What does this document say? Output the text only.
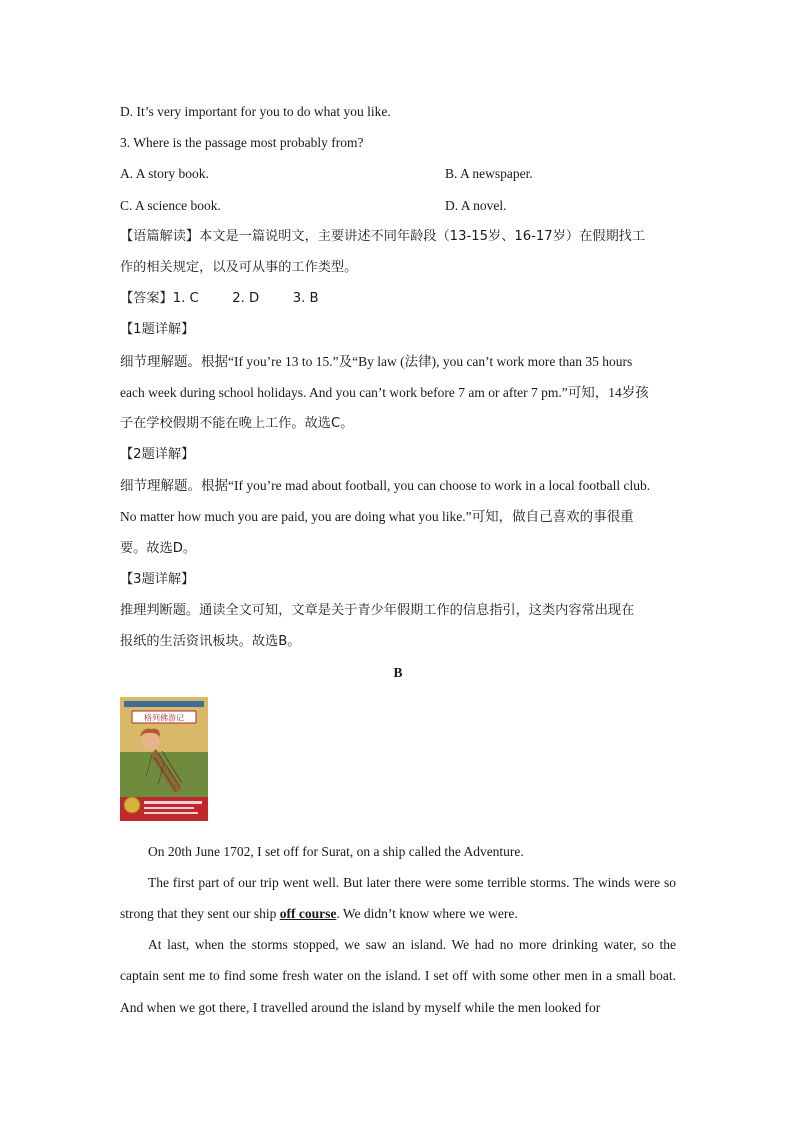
D. It’s very important for you to do what you like.
3. Where is the passage most probably from?
A. A story book.	B. A newspaper.
C. A science book.	D. A novel.
【语篇解读】本文是一篇说明文，主要讲述不同年龄段（13-15岁、16-17岁）在假期找工
作的相关规定，以及可从事的工作类型。
【答案】1. C        2. D        3. B
【1题详解】
细节理解题。根据“If you’re 13 to 15.”及“By law (法律), you can’t work more than 35 hours
each week during school holidays. And you can’t work before 7 am or after 7 pm.”可知，14岁孩
子在学校假期不能在晚上工作。故选C。
【2题详解】
细节理解题。根据“If you’re mad about football, you can choose to work in a local football club.
No matter how much you are paid, you are doing what you like.”可知，做自己喜欢的事很重
要。故选D。
【3题详解】
推理判断题。通读全文可知，文章是关于青少年假期工作的信息指引，这类内容常出现在
报纸的生活资讯板块。故选B。
B
格列佛游记
On 20th June 1702, I set off for Surat, on a ship called the Adventure.
The first part of our trip went well. But later there were some terrible storms. The winds were so strong that they sent our ship off course. We didn’t know where we were.
At last, when the storms stopped, we saw an island. We had no more drinking water, so the captain sent me to find some fresh water on the island. I set off with some other men in a small boat. And when we got there, I travelled around the island by myself while the men looked for
